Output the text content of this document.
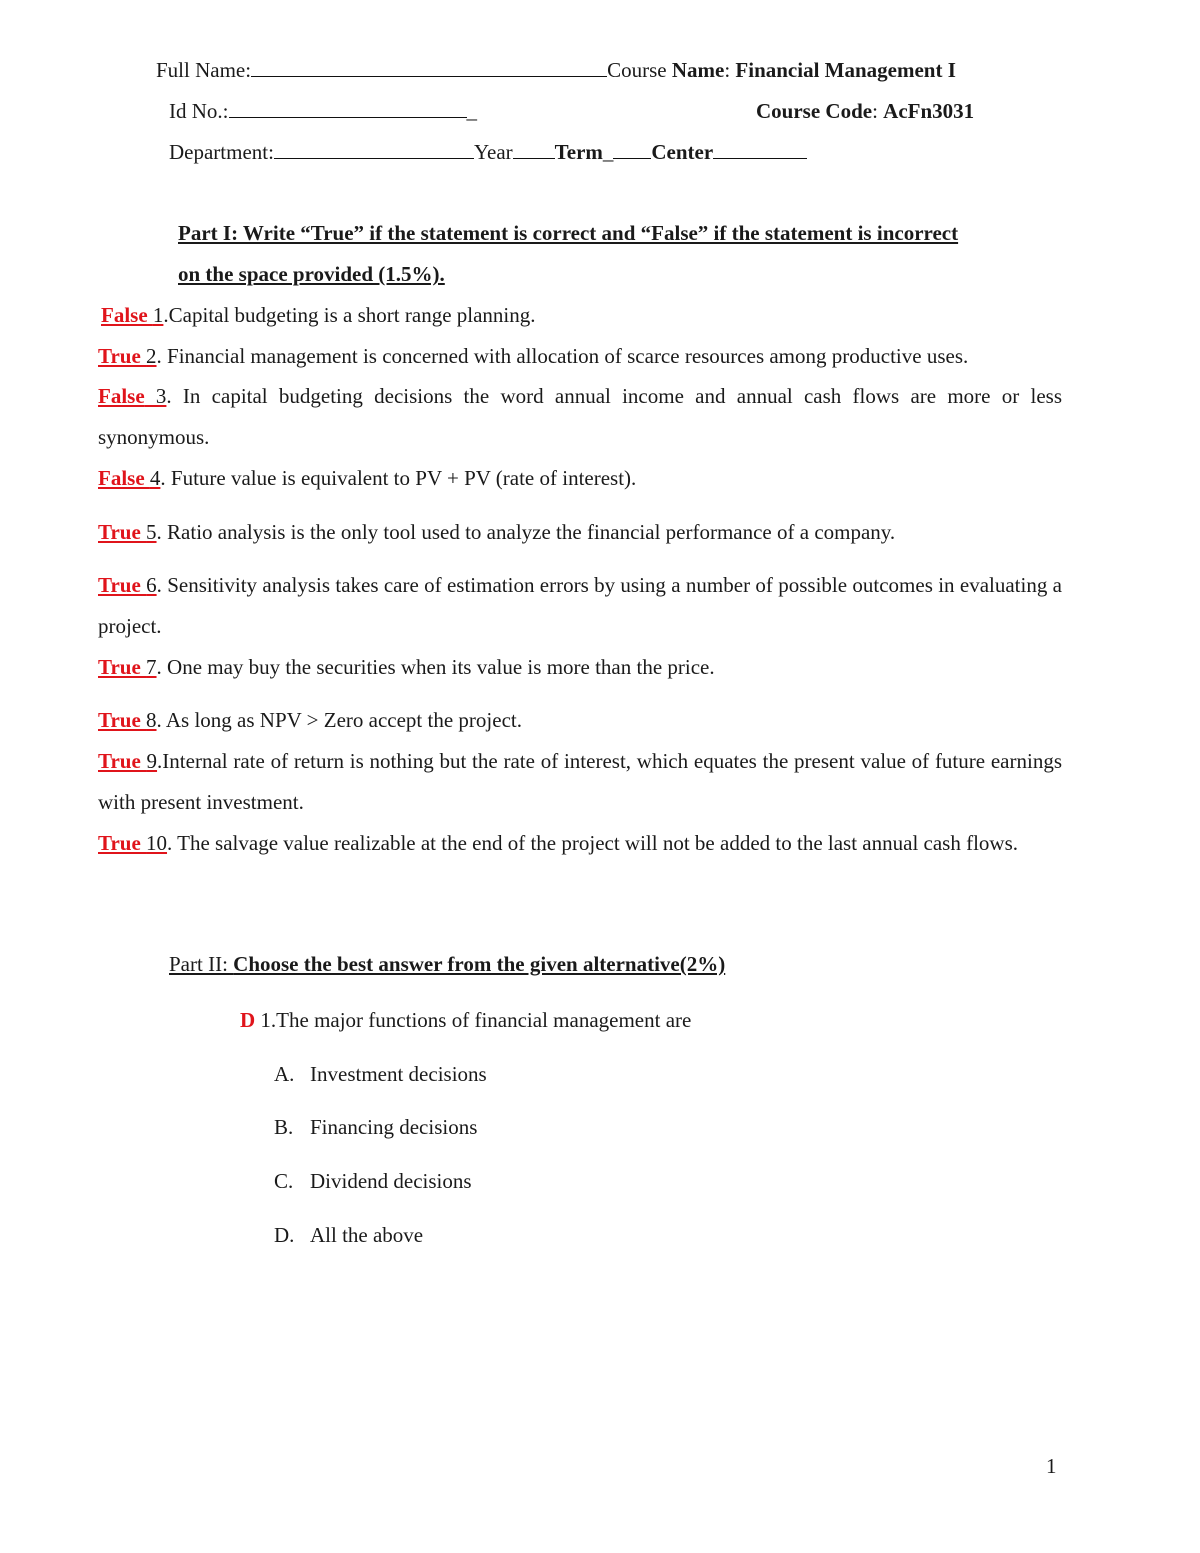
Full Name:	Course Name: Financial Management I
Id No.:	_	Course Code: AcFn3031
Department:	Year Term_ Center
Part I: Write “True” if the statement is correct and “False” if the statement is incorrect
on the space provided (1.5%).
False 1.Capital budgeting is a short range planning.
True 2. Financial management is concerned with allocation of scarce resources among productive uses.
False 3. In capital budgeting decisions the word annual income and annual cash flows are more or less synonymous.
False 4. Future value is equivalent to PV + PV (rate of interest).
True 5. Ratio analysis is the only tool used to analyze the financial performance of a company.
True 6. Sensitivity analysis takes care of estimation errors by using a number of possible outcomes in evaluating a project.
True 7. One may buy the securities when its value is more than the price.
True 8. As long as NPV > Zero accept the project.
True 9.Internal rate of return is nothing but the rate of interest, which equates the present value of future earnings with present investment.
True 10. The salvage value realizable at the end of the project will not be added to the last annual cash flows.
Part II: Choose the best answer from the given alternative(2%)
D 1.The major functions of financial management are
A. Investment decisions
B. Financing decisions
C. Dividend decisions
D. All the above
1
